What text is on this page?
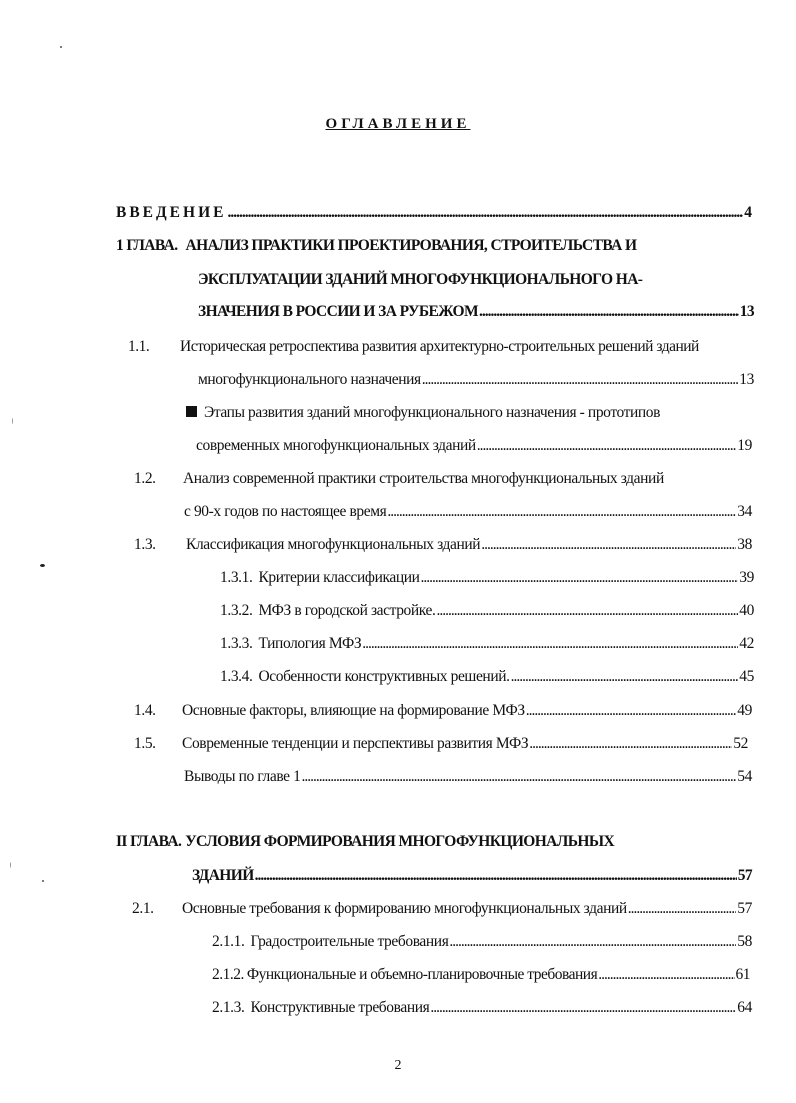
ОГЛАВЛЕНИЕ
ВВЕДЕНИЕ .....	4
1 ГЛАВА. АНАЛИЗ ПРАКТИКИ ПРОЕКТИРОВАНИЯ, СТРОИТЕЛЬСТВА И
ЭКСПЛУАТАЦИИ ЗДАНИЙ МНОГОФУНКЦИОНАЛЬНОГО НА-
ЗНАЧЕНИЯ В РОССИИ И ЗА РУБЕЖОМ .....	13
1.1.	Историческая ретроспектива развития архитектурно-строительных решений зданий
многофункционального назначения .....	13
Этапы развития зданий многофункционального назначения - прототипов
современных многофункциональных зданий .....	19
1.2.	Анализ современной практики строительства многофункциональных зданий
с 90-х годов по настоящее время .....	34
1.3.	Классификация многофункциональных зданий .....	38
1.3.1. Критерии классификации .....	39
1.3.2. МФЗ в городской застройке. .....	40
1.3.3. Типология МФЗ .....	42
1.3.4. Особенности конструктивных решений. .....	45
1.4.	Основные факторы, влияющие на формирование МФЗ .....	49
1.5.	Современные тенденции и перспективы развития МФЗ .....	52
Выводы по главе 1 .....	54
II ГЛАВА. УСЛОВИЯ ФОРМИРОВАНИЯ МНОГОФУНКЦИОНАЛЬНЫХ
ЗДАНИЙ .....	57
2.1.	Основные требования к формированию многофункциональных зданий .....	57
2.1.1. Градостроительные требования .....	58
2.1.2. Функциональные и объемно-планировочные требования .....	61
2.1.3. Конструктивные требования .....	64
2
